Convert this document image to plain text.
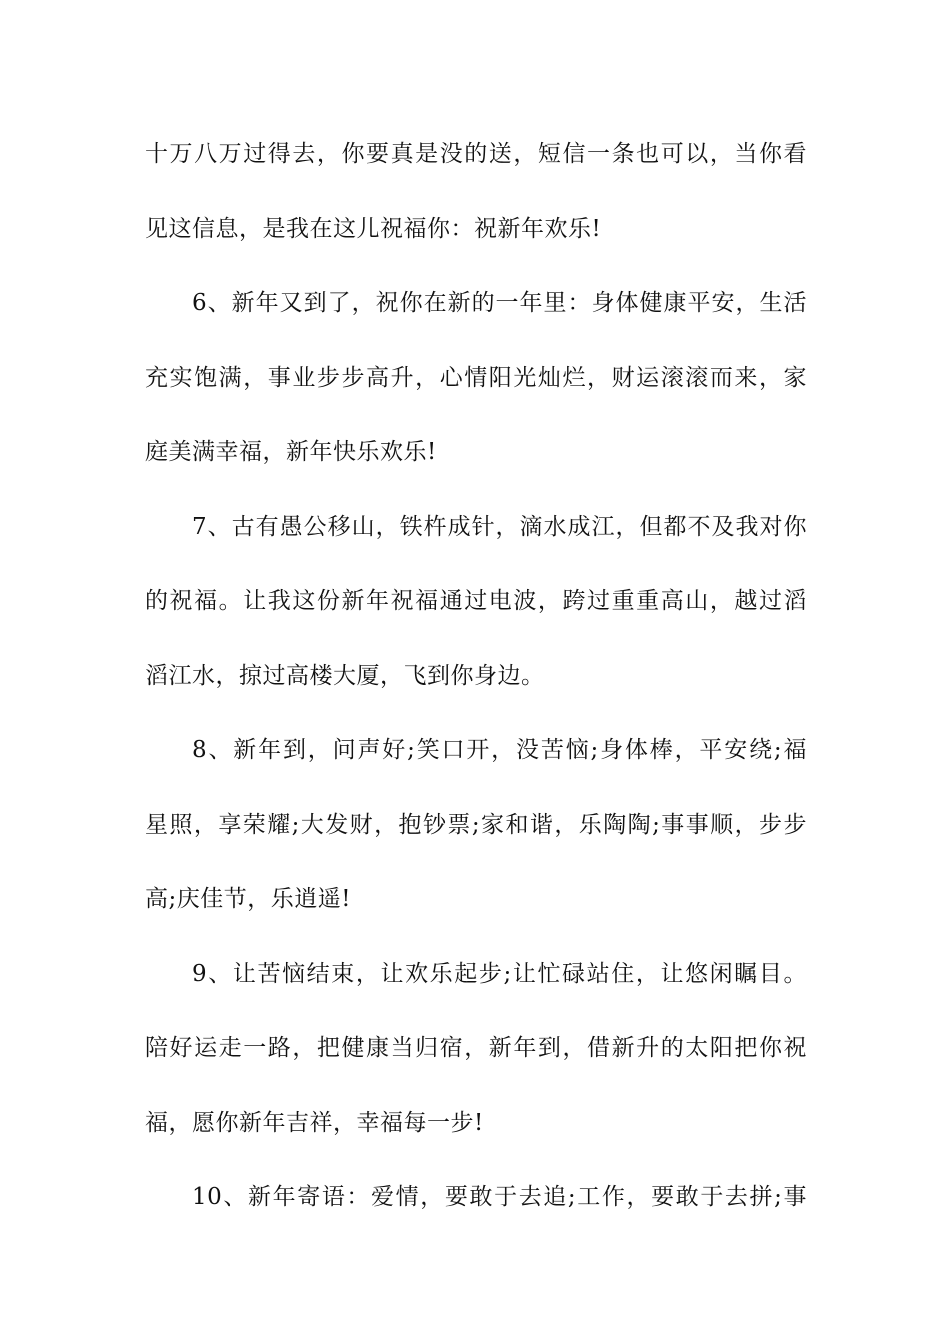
十万八万过得去，你要真是没的送，短信一条也可以，当你看
见这信息，是我在这儿祝福你：祝新年欢乐!
6、新年又到了，祝你在新的一年里：身体健康平安，生活
充实饱满，事业步步高升，心情阳光灿烂，财运滚滚而来，家
庭美满幸福，新年快乐欢乐!
7、古有愚公移山，铁杵成针，滴水成江，但都不及我对你
的祝福。让我这份新年祝福通过电波，跨过重重高山，越过滔
滔江水，掠过高楼大厦，飞到你身边。
8、新年到，问声好;笑口开，没苦恼;身体棒，平安绕;福
星照，享荣耀;大发财，抱钞票;家和谐，乐陶陶;事事顺，步步
高;庆佳节，乐逍遥!
9、让苦恼结束，让欢乐起步;让忙碌站住，让悠闲瞩目。
陪好运走一路，把健康当归宿，新年到，借新升的太阳把你祝
福，愿你新年吉祥，幸福每一步!
10、新年寄语：爱情，要敢于去追;工作，要敢于去拼;事
